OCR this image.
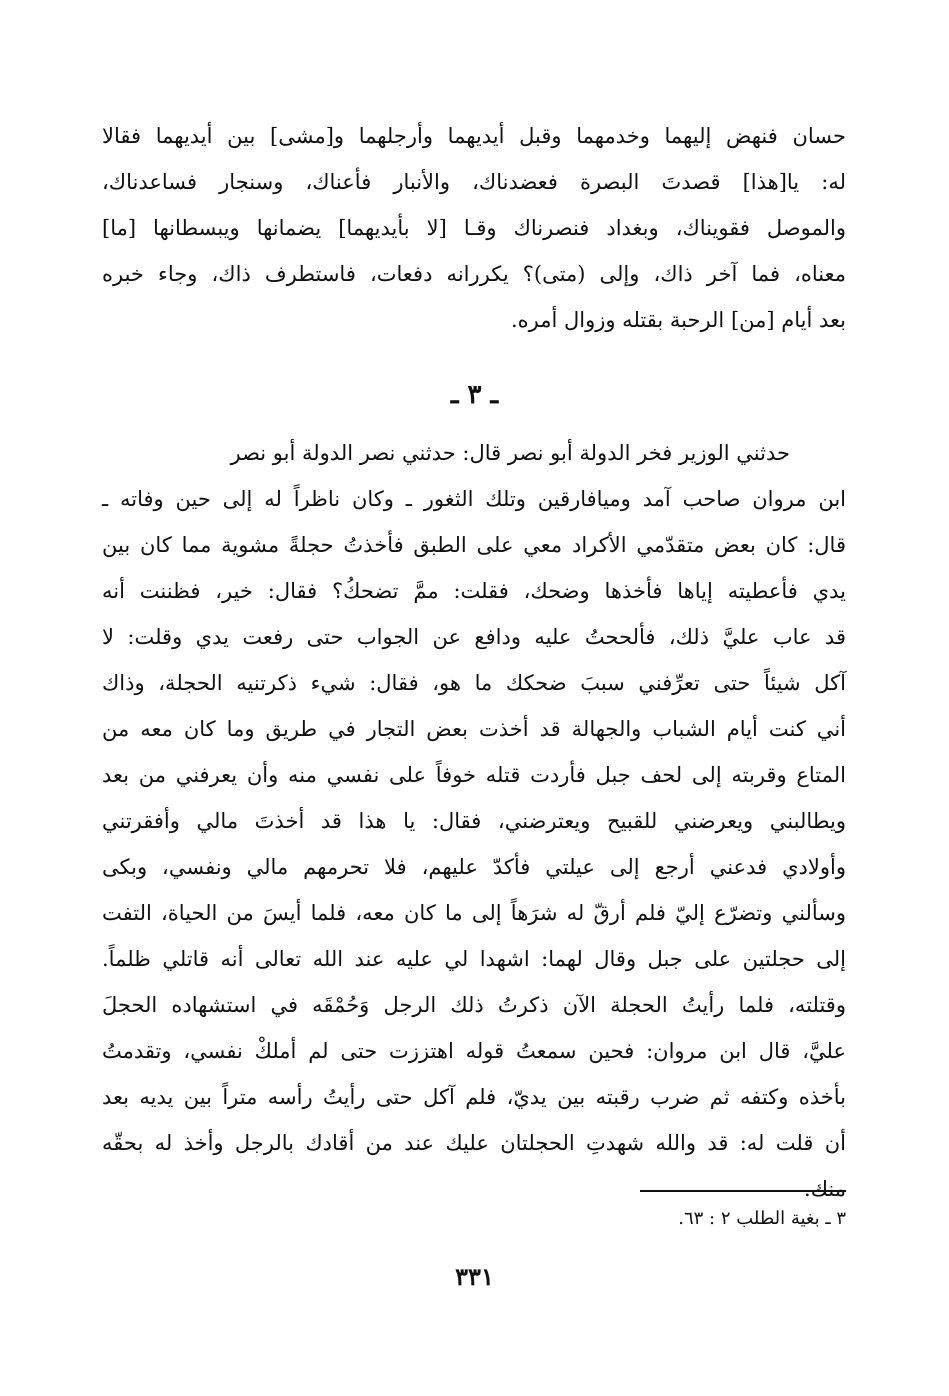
حسان فنهض إليهما وخدمهما وقبل أيديهما وأرجلهما و[مشى] بين أيديهما فقالا
له: يا[هذا] قصدتَ البصرة فعضدناك، والأنبار فأعناك، وسنجار فساعدناك،
والموصل فقويناك، وبغداد فنصرناك وقـا [لا بأيديهما] يضمانها ويبسطانها [ما]
معناه، فما آخر ذاك، وإلى (متى)؟ يكررانه دفعات، فاستطرف ذاك، وجاء خبره
بعد أيام [من] الرحبة بقتله وزوال أمره.
ـ ٣ ـ
حدثني الوزير فخر الدولة أبو نصر قال: حدثني نصر الدولة أبو نصر
ابن مروان صاحب آمد وميافارقين وتلك الثغور ـ وكان ناظراً له إلى حين وفاته ـ
قال: كان بعض متقدّمي الأكراد معي على الطبق فأخذتُ حجلةً مشوية مما كان بين
يدي فأعطيته إياها فأخذها وضحك، فقلت: ممَّ تضحكُ؟ فقال: خير، فظننت أنه
قد عاب عليَّ ذلك، فألححتُ عليه ودافع عن الجواب حتى رفعت يدي وقلت: لا
آكل شيئاً حتى تعرِّفني سببَ ضحكك ما هو، فقال: شيء ذكرتنيه الحجلة، وذاك
أني كنت أيام الشباب والجهالة قد أخذت بعض التجار في طريق وما كان معه من
المتاع وقربته إلى لحف جبل فأردت قتله خوفاً على نفسي منه وأن يعرفني من بعد
ويطالبني ويعرضني للقبيح ويعترضني، فقال: يا هذا قد أخذتَ مالي وأفقرتني
وأولادي فدعني أرجع إلى عيلتي فأكدّ عليهم، فلا تحرمهم مالي ونفسي، وبكى
وسألني وتضرّع إليّ فلم أرقّ له شرَهاً إلى ما كان معه، فلما أيسَ من الحياة، التفت
إلى حجلتين على جبل وقال لهما: اشهدا لي عليه عند الله تعالى أنه قاتلي ظلماً.
وقتلته، فلما رأيتُ الحجلة الآن ذكرتُ ذلك الرجل وَحُمْقَه في استشهاده الحجلَ
عليَّ، قال ابن مروان: فحين سمعتُ قوله اهتززت حتى لم أملكْ نفسي، وتقدمتُ
بأخذه وكتفه ثم ضرب رقبته بين يديّ، فلم آكل حتى رأيتُ رأسه متراً بين يديه بعد
أن قلت له: قد والله شهدتِ الحجلتان عليك عند من أقادك بالرجل وأخذ له بحقّه
منك.
٣ ـ بغية الطلب ٢ : ٦٣.
٣٣١
